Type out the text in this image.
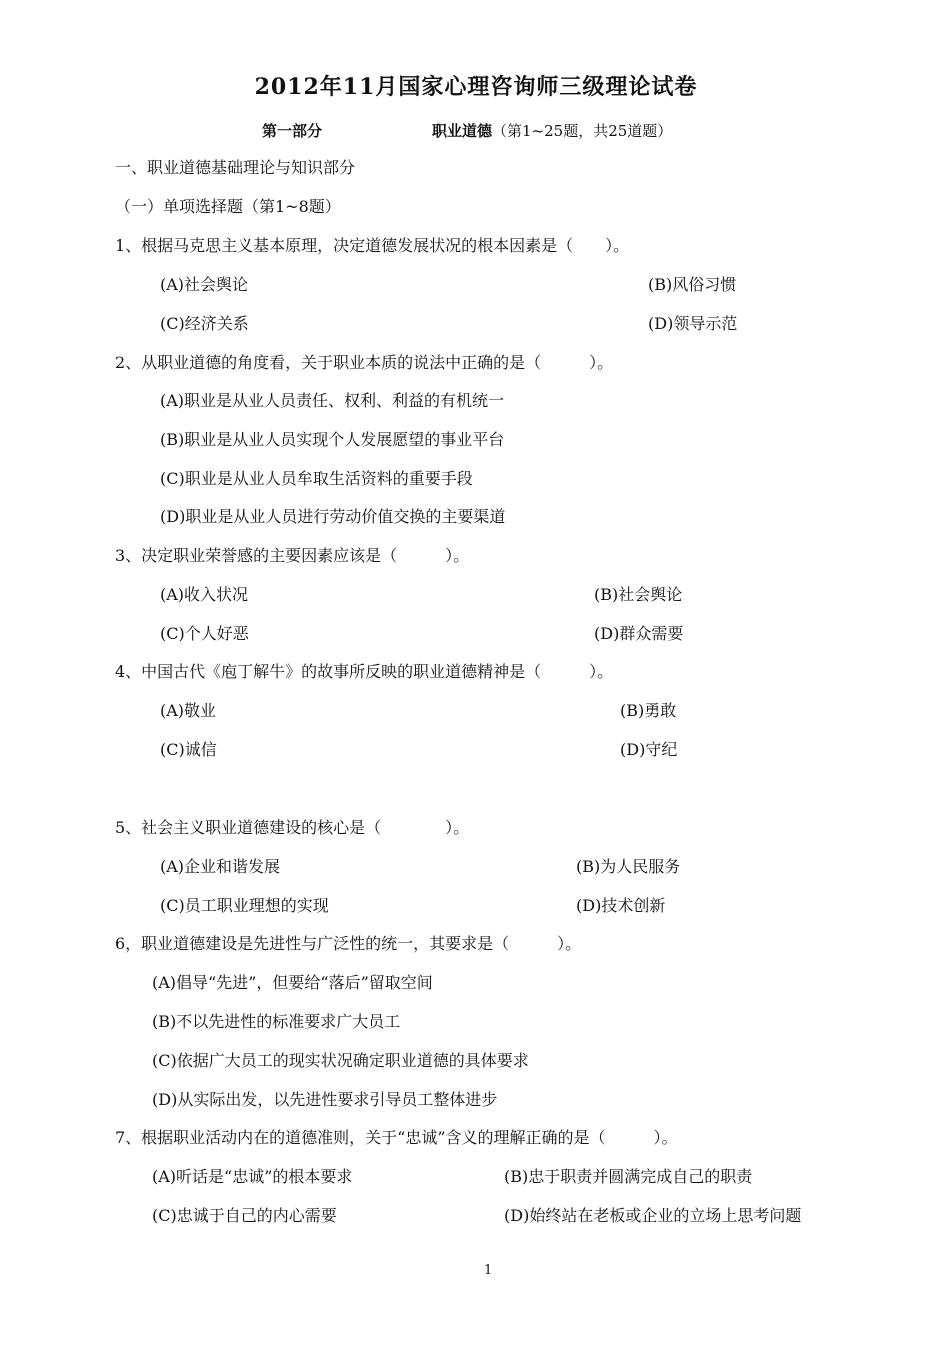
2012年11月国家心理咨询师三级理论试卷
第一部分	职业道德（第1~25题，共25道题）
一、职业道德基础理论与知识部分
（一）单项选择题（第1~8题）
1、根据马克思主义基本原理，决定道德发展状况的根本因素是（　　）。
(A)社会舆论	(B)风俗习惯
(C)经济关系	(D)领导示范
2、从职业道德的角度看，关于职业本质的说法中正确的是（　　　）。
(A)职业是从业人员责任、权利、利益的有机统一
(B)职业是从业人员实现个人发展愿望的事业平台
(C)职业是从业人员牟取生活资料的重要手段
(D)职业是从业人员进行劳动价值交换的主要渠道
3、决定职业荣誉感的主要因素应该是（　　　）。
(A)收入状况	(B)社会舆论
(C)个人好恶	(D)群众需要
4、中国古代《庖丁解牛》的故事所反映的职业道德精神是（　　　）。
(A)敬业	(B)勇敢
(C)诚信	(D)守纪
5、社会主义职业道德建设的核心是（　　　　）。
(A)企业和谐发展	(B)为人民服务
(C)员工职业理想的实现	(D)技术创新
6，职业道德建设是先进性与广泛性的统一，其要求是（　　　）。
(A)倡导“先进”，但要给“落后”留取空间
(B)不以先进性的标准要求广大员工
(C)依据广大员工的现实状况确定职业道德的具体要求
(D)从实际出发，以先进性要求引导员工整体进步
7、根据职业活动内在的道德准则，关于“忠诚”含义的理解正确的是（　　　）。
(A)听话是“忠诚”的根本要求	(B)忠于职责并圆满完成自己的职责
(C)忠诚于自己的内心需要	(D)始终站在老板或企业的立场上思考问题
1
